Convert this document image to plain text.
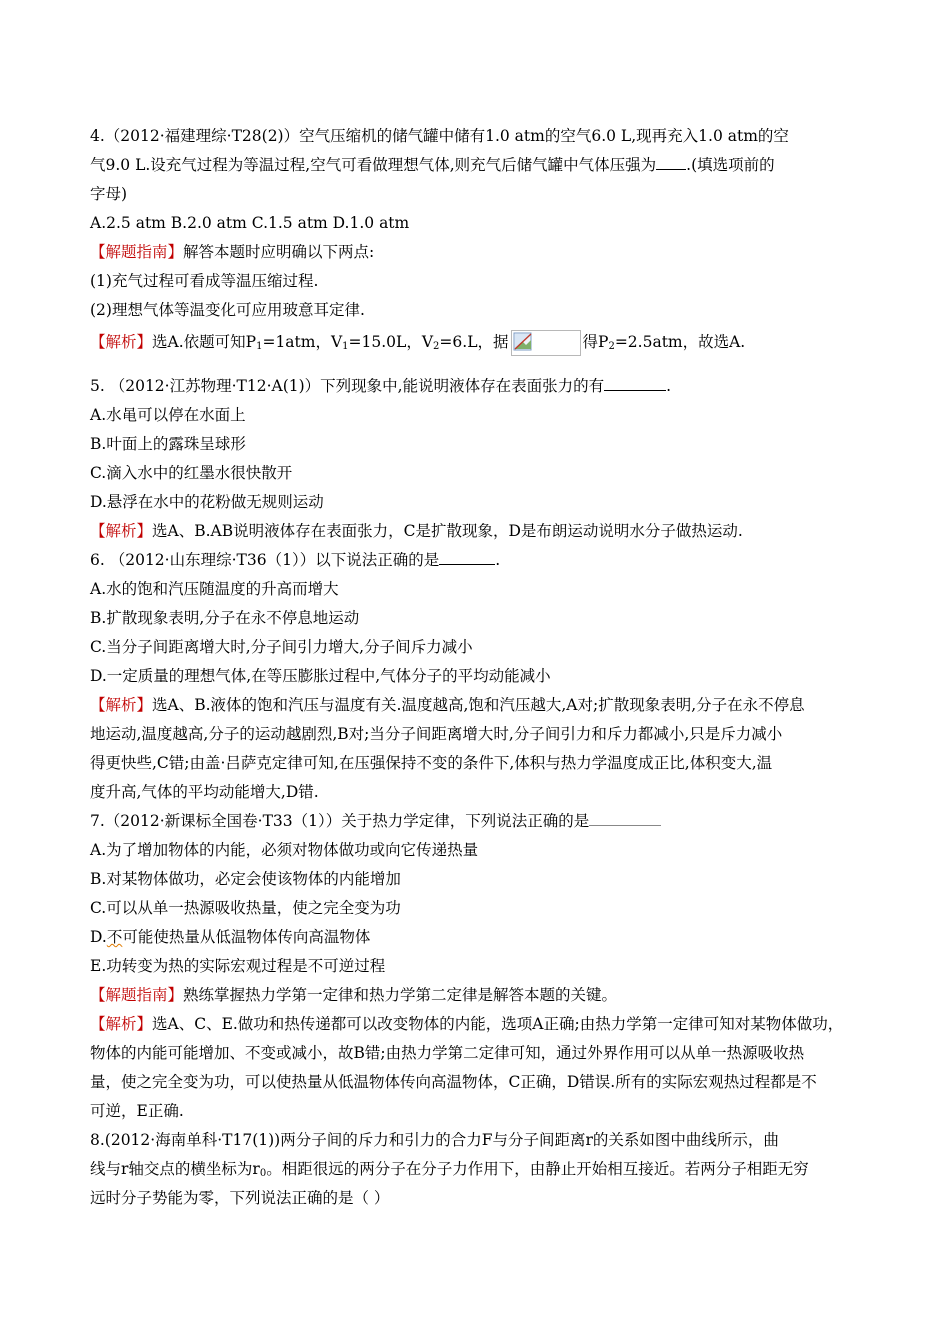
4.（2012·福建理综·T28(2)）空气压缩机的储气罐中储有1.0 atm的空气6.0 L,现再充入1.0 atm的空
气9.0 L.设充气过程为等温过程,空气可看做理想气体,则充气后储气罐中气体压强为 .(填选项前的
字母)
A.2.5 atm B.2.0 atm C.1.5 atm D.1.0 atm
【解题指南】解答本题时应明确以下两点:
(1)充气过程可看成等温压缩过程.
(2)理想气体等温变化可应用玻意耳定律.
【解析】选A.依题可知$P_1=1atm$，$V_1=15.0L$，$V_2=6.L$，据	得$P_2=2.5atm$，故选A.
5. （2012·江苏物理·T12·A(1)）下列现象中,能说明液体存在表面张力的有	.
A.水黾可以停在水面上
B.叶面上的露珠呈球形
C.滴入水中的红墨水很快散开
D.悬浮在水中的花粉做无规则运动
【解析】选A、B.AB说明液体存在表面张力，C是扩散现象，D是布朗运动说明水分子做热运动.
6. （2012·山东理综·T36（1））以下说法正确的是	.
A.水的饱和汽压随温度的升高而增大
B.扩散现象表明,分子在永不停息地运动
C.当分子间距离增大时,分子间引力增大,分子间斥力减小
D.一定质量的理想气体,在等压膨胀过程中,气体分子的平均动能减小
【解析】选A、B.液体的饱和汽压与温度有关.温度越高,饱和汽压越大,A对;扩散现象表明,分子在永不停息
地运动,温度越高,分子的运动越剧烈,B对;当分子间距离增大时,分子间引力和斥力都减小,只是斥力减小
得更快些,C错;由盖·吕萨克定律可知,在压强保持不变的条件下,体积与热力学温度成正比,体积变大,温
度升高,气体的平均动能增大,D错.
7.（2012·新课标全国卷·T33（1））关于热力学定律，下列说法正确的是
A.为了增加物体的内能，必须对物体做功或向它传递热量
B.对某物体做功，必定会使该物体的内能增加
C.可以从单一热源吸收热量，使之完全变为功
D.不可能使热量从低温物体传向高温物体
E.功转变为热的实际宏观过程是不可逆过程
【解题指南】熟练掌握热力学第一定律和热力学第二定律是解答本题的关键。
【解析】选A、C、E.做功和热传递都可以改变物体的内能，选项A正确;由热力学第一定律可知对某物体做功，
物体的内能可能增加、不变或减小，故B错;由热力学第二定律可知，通过外界作用可以从单一热源吸收热
量，使之完全变为功，可以使热量从低温物体传向高温物体，C正确，D错误.所有的实际宏观热过程都是不
可逆，E正确.
8.(2012·海南单科·T17(1))两分子间的斥力和引力的合力F与分子间距离r的关系如图中曲线所示，曲
线与r轴交点的横坐标为$r_0$。相距很远的两分子在分子力作用下，由静止开始相互接近。若两分子相距无穷
远时分子势能为零，下列说法正确的是（ ）
